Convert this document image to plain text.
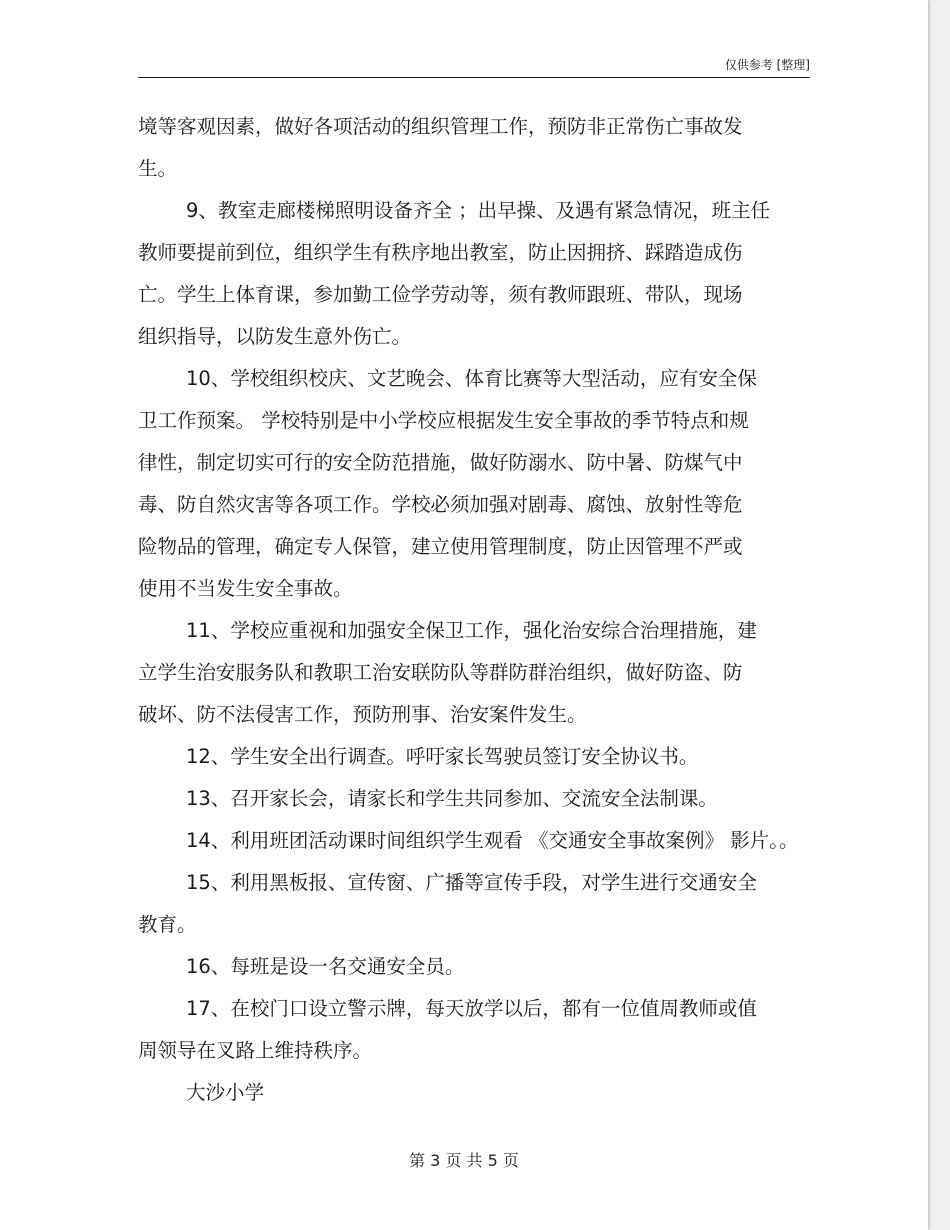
仅供参考 [整理]
境等客观因素，做好各项活动的组织管理工作，预防非正常伤亡事故发
生。
9、教室走廊楼梯照明设备齐全 ；出早操、及遇有紧急情况，班主任
教师要提前到位，组织学生有秩序地出教室，防止因拥挤、踩踏造成伤
亡。学生上体育课，参加勤工俭学劳动等，须有教师跟班、带队，现场
组织指导，以防发生意外伤亡。
10、学校组织校庆、文艺晚会、体育比赛等大型活动，应有安全保
卫工作预案。 学校特别是中小学校应根据发生安全事故的季节特点和规
律性，制定切实可行的安全防范措施，做好防溺水、防中暑、防煤气中
毒、防自然灾害等各项工作。学校必须加强对剧毒、腐蚀、放射性等危
险物品的管理，确定专人保管，建立使用管理制度，防止因管理不严或
使用不当发生安全事故。
11、学校应重视和加强安全保卫工作，强化治安综合治理措施，建
立学生治安服务队和教职工治安联防队等群防群治组织，做好防盗、防
破坏、防不法侵害工作，预防刑事、治安案件发生。
12、学生安全出行调查。呼吁家长驾驶员签订安全协议书。
13、召开家长会，请家长和学生共同参加、交流安全法制课。
14、利用班团活动课时间组织学生观看 《交通安全事故案例》 影片。。
15、利用黑板报、宣传窗、广播等宣传手段，对学生进行交通安全
教育。
16、每班是设一名交通安全员。
17、在校门口设立警示牌，每天放学以后，都有一位值周教师或值
周领导在叉路上维持秩序。
大沙小学
第 3 页 共 5 页
